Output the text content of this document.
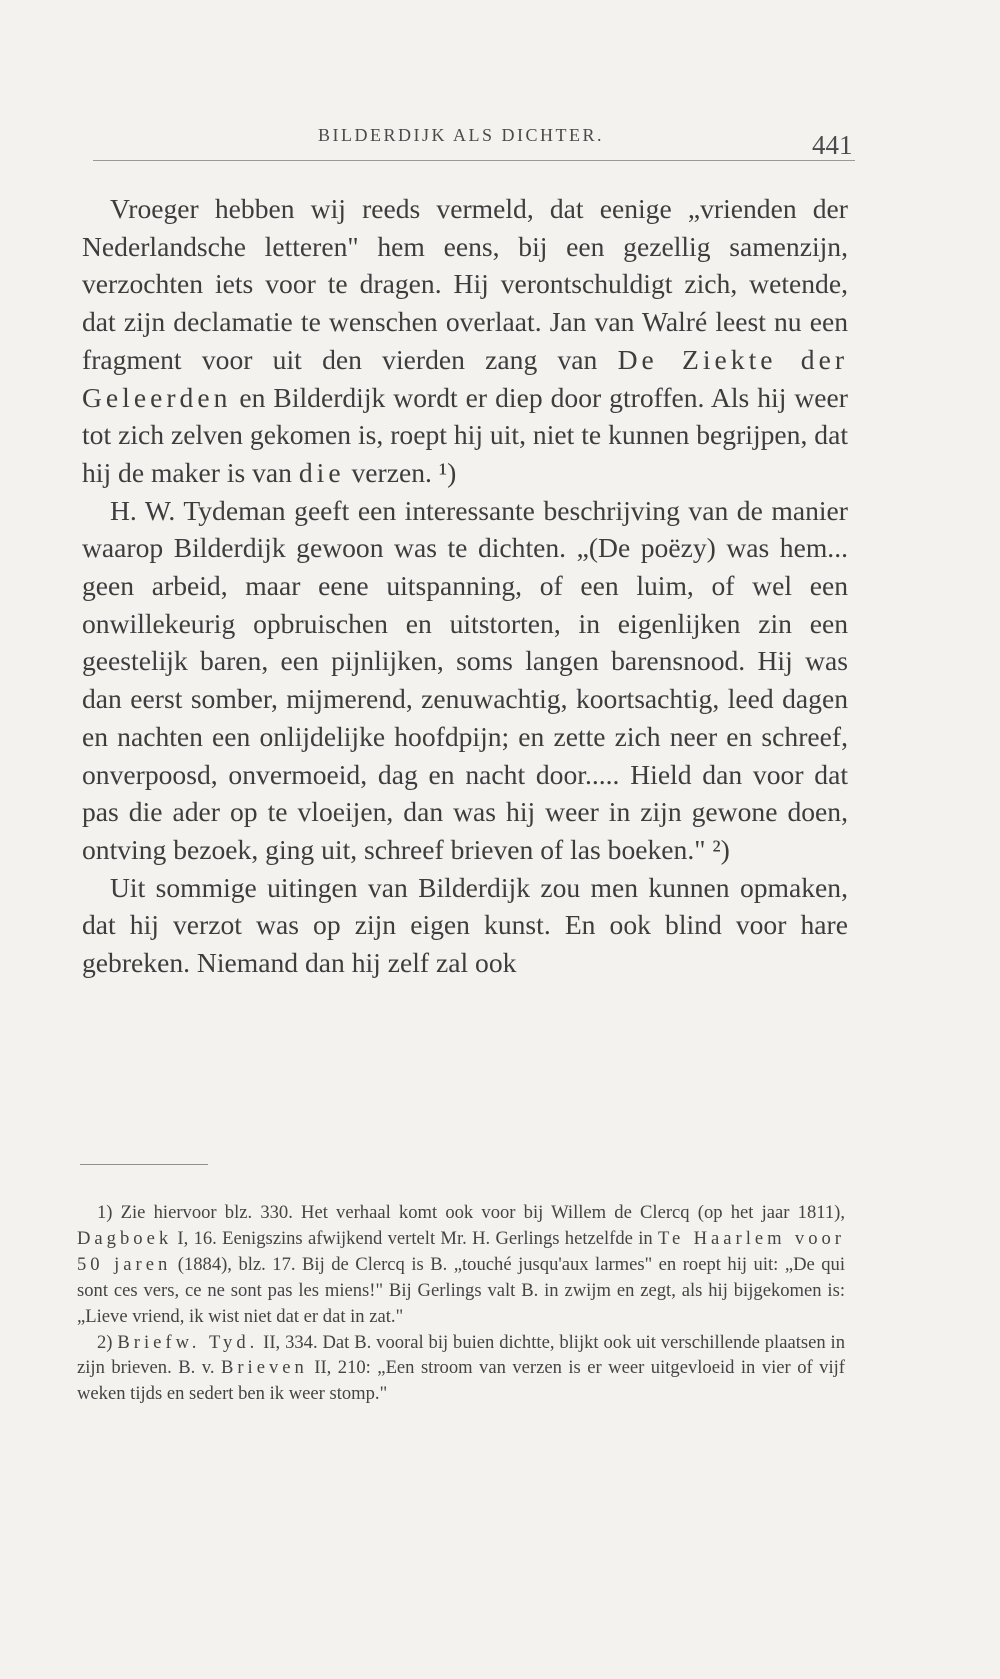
BILDERDIJK ALS DICHTER.	441

Vroeger hebben wij reeds vermeld, dat eenige „vrienden der Nederlandsche letteren" hem eens, bij een gezellig samenzijn, verzochten iets voor te dragen. Hij verontschuldigt zich, wetende, dat zijn declamatie te wenschen overlaat. Jan van Walré leest nu een fragment voor uit den vierden zang van De Ziekte der Geleerden en Bilderdijk wordt er diep door gtroffen. Als hij weer tot zich zelven gekomen is, roept hij uit, niet te kunnen begrijpen, dat hij de maker is van die verzen. ¹)

H. W. Tydeman geeft een interessante beschrijving van de manier waarop Bilderdijk gewoon was te dichten. „(De poëzy) was hem... geen arbeid, maar eene uitspanning, of een luim, of wel een onwillekeurig opbruischen en uitstorten, in eigenlijken zin een geestelijk baren, een pijnlijken, soms langen barensnood. Hij was dan eerst somber, mijmerend, zenuwachtig, koortsachtig, leed dagen en nachten een onlijdelijke hoofdpijn; en zette zich neer en schreef, onverpoosd, onvermoeid, dag en nacht door..... Hield dan voor dat pas die ader op te vloeijen, dan was hij weer in zijn gewone doen, ontving bezoek, ging uit, schreef brieven of las boeken." ²)

Uit sommige uitingen van Bilderdijk zou men kunnen opmaken, dat hij verzot was op zijn eigen kunst. En ook blind voor hare gebreken. Niemand dan hij zelf zal ook

1) Zie hiervoor blz. 330. Het verhaal komt ook voor bij Willem de Clercq (op het jaar 1811), Dagboek I, 16. Eenigszins afwijkend vertelt Mr. H. Gerlings hetzelfde in Te Haarlem voor 50 jaren (1884), blz. 17. Bij de Clercq is B. „touché jusqu'aux larmes" en roept hij uit: „De qui sont ces vers, ce ne sont pas les miens!" Bij Gerlings valt B. in zwijm en zegt, als hij bijgekomen is: „Lieve vriend, ik wist niet dat er dat in zat."

2) Briefw. Tyd. II, 334. Dat B. vooral bij buien dichtte, blijkt ook uit verschillende plaatsen in zijn brieven. B. v. Brieven II, 210: „Een stroom van verzen is er weer uitgevloeid in vier of vijf weken tijds en sedert ben ik weer stomp."
